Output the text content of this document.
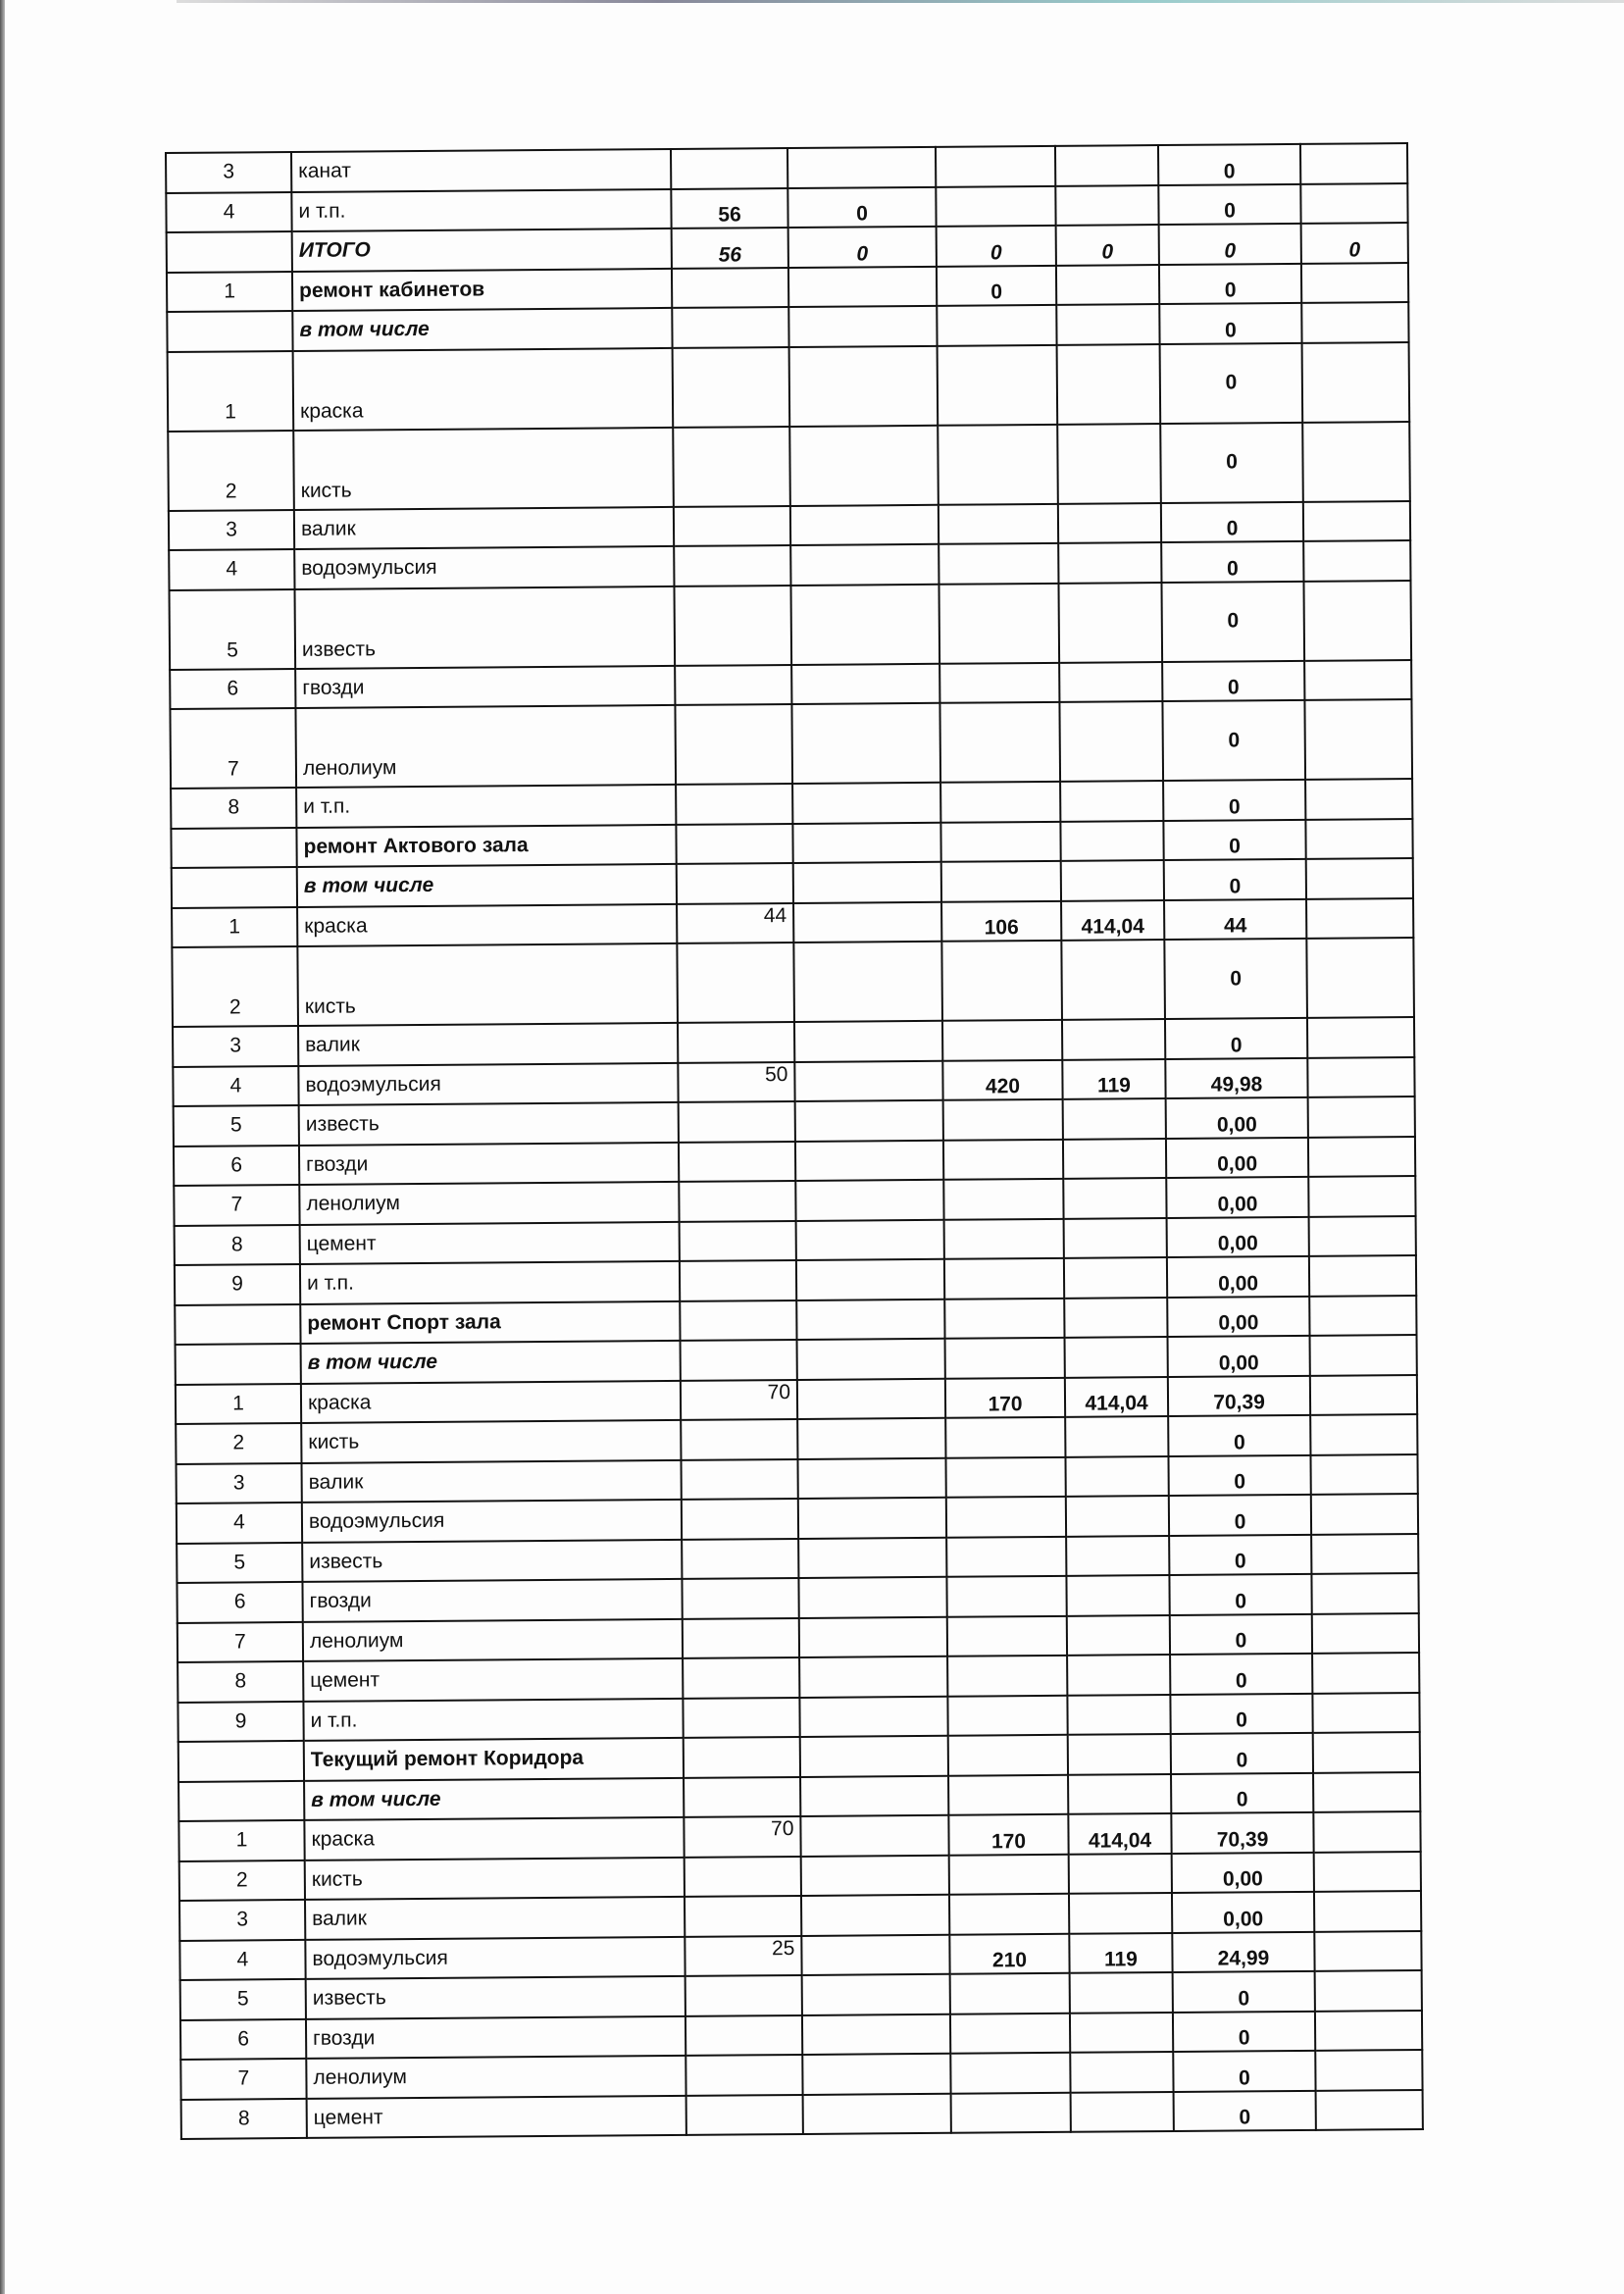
3	канат					0	
4	и т.п.	56	0			0	
	ИТОГО	56	0	0	0	0	0
1	ремонт кабинетов			0		0	
	в том числе					0	
1	краска					0	
2	кисть					0	
3	валик					0	
4	водоэмульсия					0	
5	известь					0	
6	гвозди					0	
7	ленолиум					0	
8	и т.п.					0	
	ремонт Актового зала					0	
	в том числе					0	
1	краска	44		106	414,04	44	
2	кисть					0	
3	валик					0	
4	водоэмульсия	50		420	119	49,98	
5	известь					0,00	
6	гвозди					0,00	
7	ленолиум					0,00	
8	цемент					0,00	
9	и т.п.					0,00	
	ремонт Спорт зала					0,00	
	в том числе					0,00	
1	краска	70		170	414,04	70,39	
2	кисть					0	
3	валик					0	
4	водоэмульсия					0	
5	известь					0	
6	гвозди					0	
7	ленолиум					0	
8	цемент					0	
9	и т.п.					0	
	Текущий ремонт Коридора					0	
	в том числе					0	
1	краска	70		170	414,04	70,39	
2	кисть					0,00	
3	валик					0,00	
4	водоэмульсия	25		210	119	24,99	
5	известь					0	
6	гвозди					0	
7	ленолиум					0	
8	цемент					0	
